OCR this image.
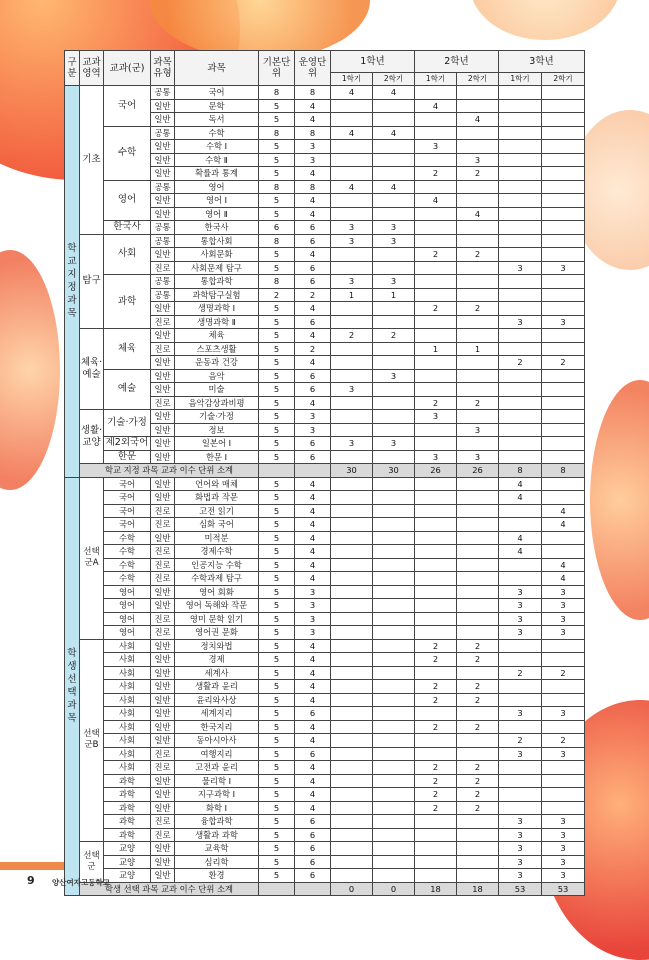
구분	교과영역	교과(군)	과목유형	과목	기본단위	운영단위	1학년		2학년		3학년	
							1학기	2학기	1학기	2학기	1학기	2학기
학교지정과목	기초	국어	공통	국어	8	8	4	4				
			일반	문학	5	4			4			
			일반	독서	5	4				4		
		수학	공통	수학	8	8	4	4				
			일반	수학 Ⅰ	5	3			3			
			일반	수학 Ⅱ	5	3				3		
			일반	확률과 통계	5	4			2	2		
		영어	공통	영어	8	8	4	4				
			일반	영어 Ⅰ	5	4			4			
			일반	영어 Ⅱ	5	4				4		
		한국사	공통	한국사	6	6	3	3				
	탐구	사회	공통	통합사회	8	6	3	3				
			일반	사회문화	5	4			2	2		
			진로	사회문제 탐구	5	6					3	3
		과학	공통	통합과학	8	6	3	3				
			공통	과학탐구실험	2	2	1	1				
			일반	생명과학 Ⅰ	5	4			2	2		
			진로	생명과학 Ⅱ	5	6					3	3
	체육·예술	체육	일반	체육	5	4	2	2				
			진로	스포츠생활	5	2			1	1		
			일반	운동과 건강	5	4					2	2
		예술	일반	음악	5	6		3				
			일반	미술	5	6	3					
			진로	음악감상과비평	5	4			2	2		
	생활·교양	기술·가정	일반	기술·가정	5	3			3			
			일반	정보	5	3				3		
		제2외국어	일반	일본어 Ⅰ	5	6	3	3				
		한문	일반	한문 Ⅰ	5	6			3	3		
	학교 지정 과목 교과 이수 단위 소계						30	30	26	26	8	8
학생선택과목	선택군A	국어	일반	언어와 매체	5	4					4	
		국어	일반	화법과 작문	5	4					4	
		국어	진로	고전 읽기	5	4						4
		국어	진로	심화 국어	5	4						4
		수학	일반	미적분	5	4					4	
		수학	진로	경제수학	5	4					4	
		수학	진로	인공지능 수학	5	4						4
		수학	진로	수학과제 탐구	5	4						4
		영어	일반	영어 회화	5	3					3	3
		영어	일반	영어 독해와 작문	5	3					3	3
		영어	진로	영미 문학 읽기	5	3					3	3
		영어	진로	영어권 문화	5	3					3	3
	선택군B	사회	일반	정치와법	5	4			2	2		
		사회	일반	경제	5	4			2	2		
		사회	일반	세계사	5	4					2	2
		사회	일반	생활과 윤리	5	4			2	2		
		사회	일반	윤리와사상	5	4			2	2		
		사회	일반	세계지리	5	6					3	3
		사회	일반	한국지리	5	4			2	2		
		사회	일반	동아시아사	5	4					2	2
		사회	진로	여행지리	5	6					3	3
		사회	진로	고전과 윤리	5	4			2	2		
		과학	일반	물리학 Ⅰ	5	4			2	2		
		과학	일반	지구과학 Ⅰ	5	4			2	2		
		과학	일반	화학 Ⅰ	5	4			2	2		
		과학	진로	융합과학	5	6					3	3
		과학	진로	생활과 과학	5	6					3	3
	선택군	교양	일반	교육학	5	6					3	3
		교양	일반	심리학	5	6					3	3
		교양	일반	환경	5	6					3	3
	학생 선택 과목 교과 이수 단위 소계						0	0	18	18	53	53
9 양산여자고등학교
